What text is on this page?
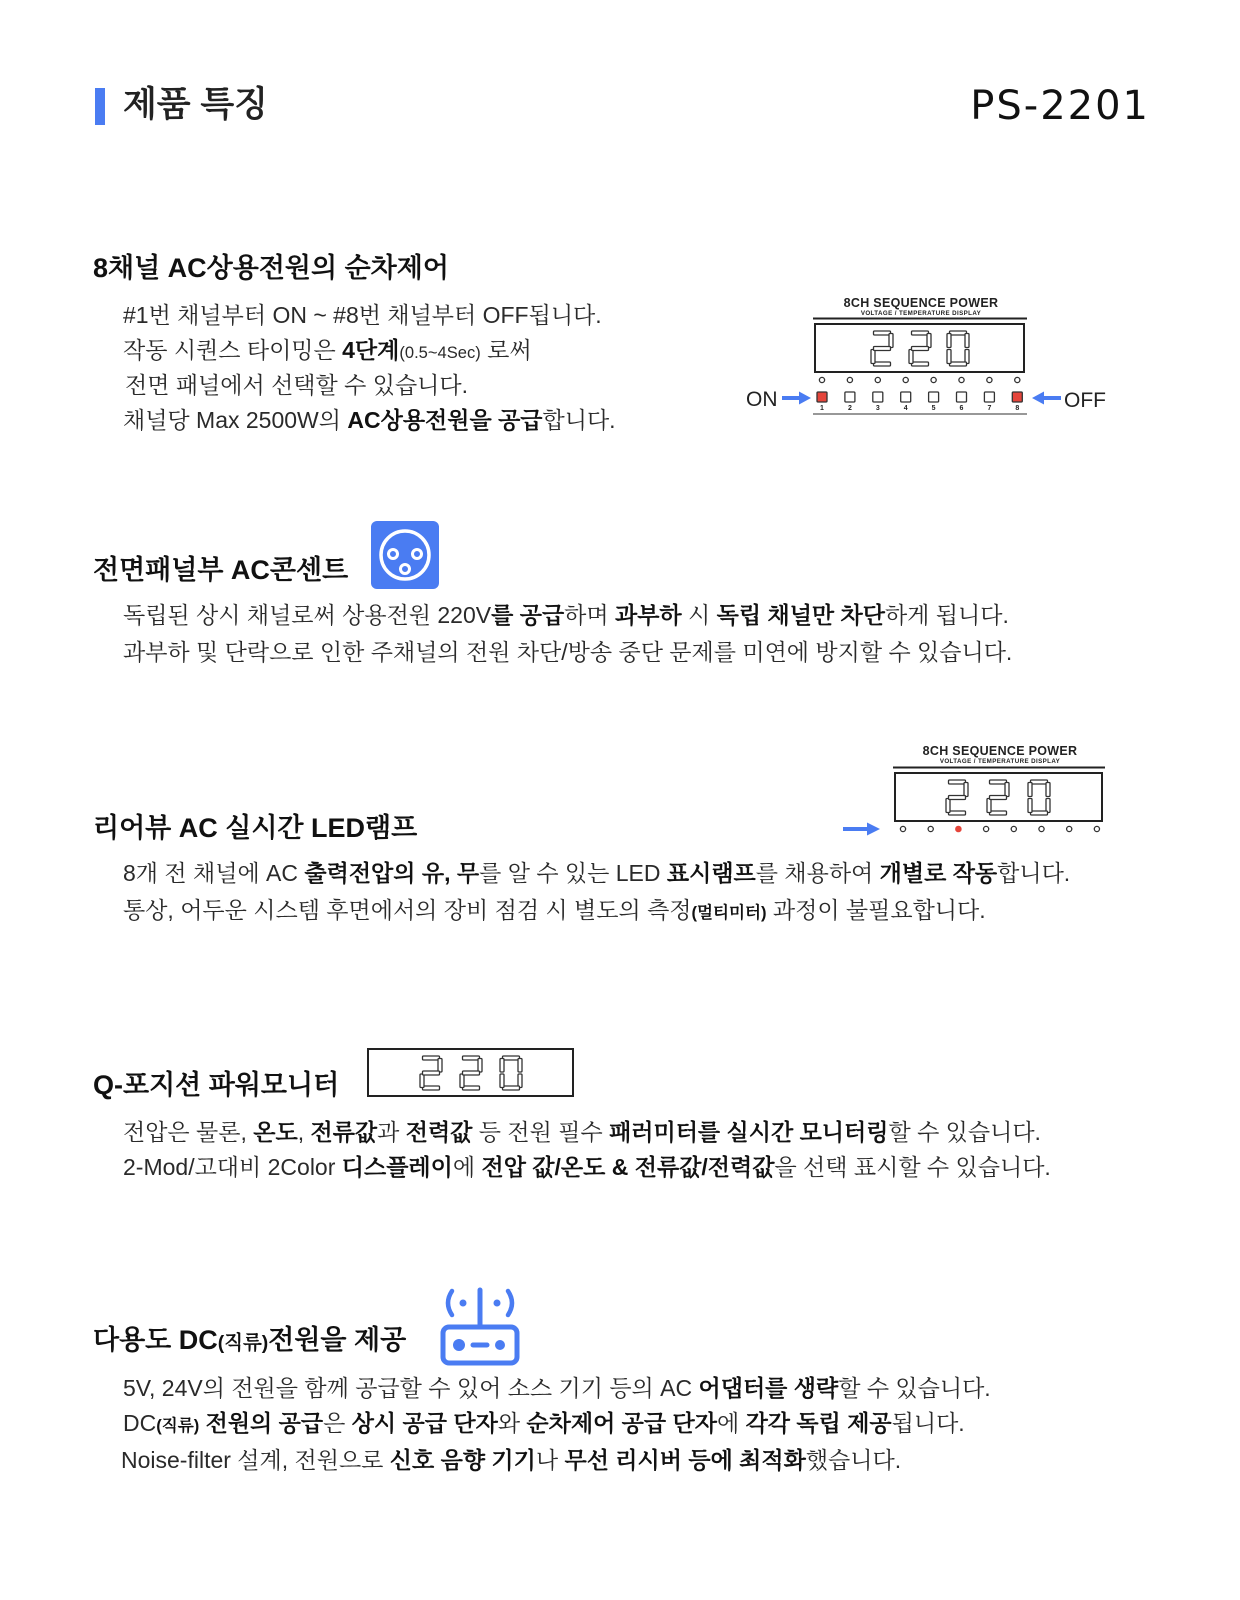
제품 특징	PS-2201
8채널 AC상용전원의 순차제어
#1번 채널부터 ON ~ #8번 채널부터 OFF됩니다.
작동 시퀀스 타이밍은 4단계(0.5~4Sec) 로써
전면 패널에서 선택할 수 있습니다.
채널당 Max 2500W의 AC상용전원을 공급합니다.
8CH SEQUENCE POWER
VOLTAGE / TEMPERATURE DISPLAY
1	2	3	4	5	6	7	8
ON	OFF
전면패널부 AC콘센트
독립된 상시 채널로써 상용전원 220V를 공급하며 과부하 시 독립 채널만 차단하게 됩니다.
과부하 및 단락으로 인한 주채널의 전원 차단/방송 중단 문제를 미연에 방지할 수 있습니다.
8CH SEQUENCE POWER
VOLTAGE / TEMPERATURE DISPLAY
리어뷰 AC 실시간 LED램프
8개 전 채널에 AC 출력전압의 유, 무를 알 수 있는 LED 표시램프를 채용하여 개별로 작동합니다.
통상, 어두운 시스템 후면에서의 장비 점검 시 별도의 측정(멀티미터) 과정이 불필요합니다.
Q-포지션 파워모니터
전압은 물론, 온도, 전류값과 전력값 등 전원 필수 패러미터를 실시간 모니터링할 수 있습니다.
2-Mod/고대비 2Color 디스플레이에 전압 값/온도 & 전류값/전력값을 선택 표시할 수 있습니다.
다용도 DC(직류)전원을 제공
5V, 24V의 전원을 함께 공급할 수 있어 소스 기기 등의 AC 어댑터를 생략할 수 있습니다.
DC(직류) 전원의 공급은 상시 공급 단자와 순차제어 공급 단자에 각각 독립 제공됩니다.
Noise-filter 설계, 전원으로 신호 음향 기기나 무선 리시버 등에 최적화했습니다.
